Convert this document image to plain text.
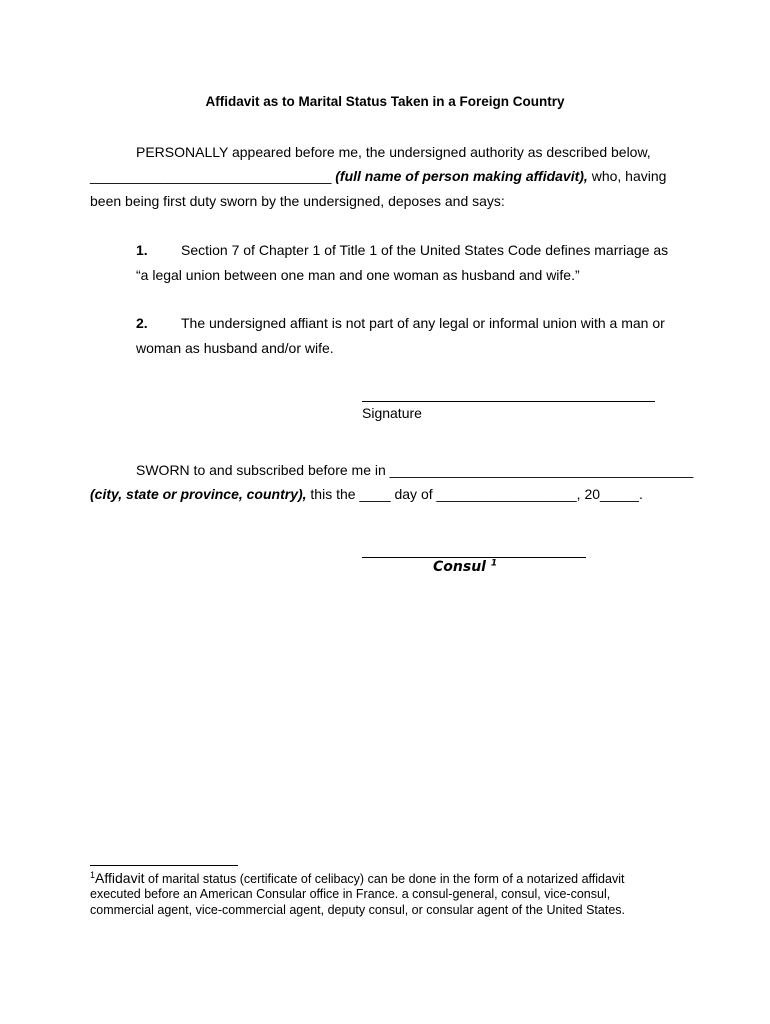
Affidavit as to Marital Status Taken in a Foreign Country
PERSONALLY appeared before me, the undersigned authority as described below,
_______________________________ (full name of person making affidavit), who, having
been being first duty sworn by the undersigned, deposes and says:
1. Section 7 of Chapter 1 of Title 1 of the United States Code defines marriage as
“a legal union between one man and one woman as husband and wife.”
2. The undersigned affiant is not part of any legal or informal union with a man or
woman as husband and/or wife.
Signature
SWORN to and subscribed before me in _______________________________________
(city, state or province, country), this the ____ day of __________________, 20_____.
Consul $^1$
$^1$Affidavit of marital status (certificate of celibacy) can be done in the form of a notarized affidavit
executed before an American Consular office in France. a consul-general, consul, vice-consul,
commercial agent, vice-commercial agent, deputy consul, or consular agent of the United States.
